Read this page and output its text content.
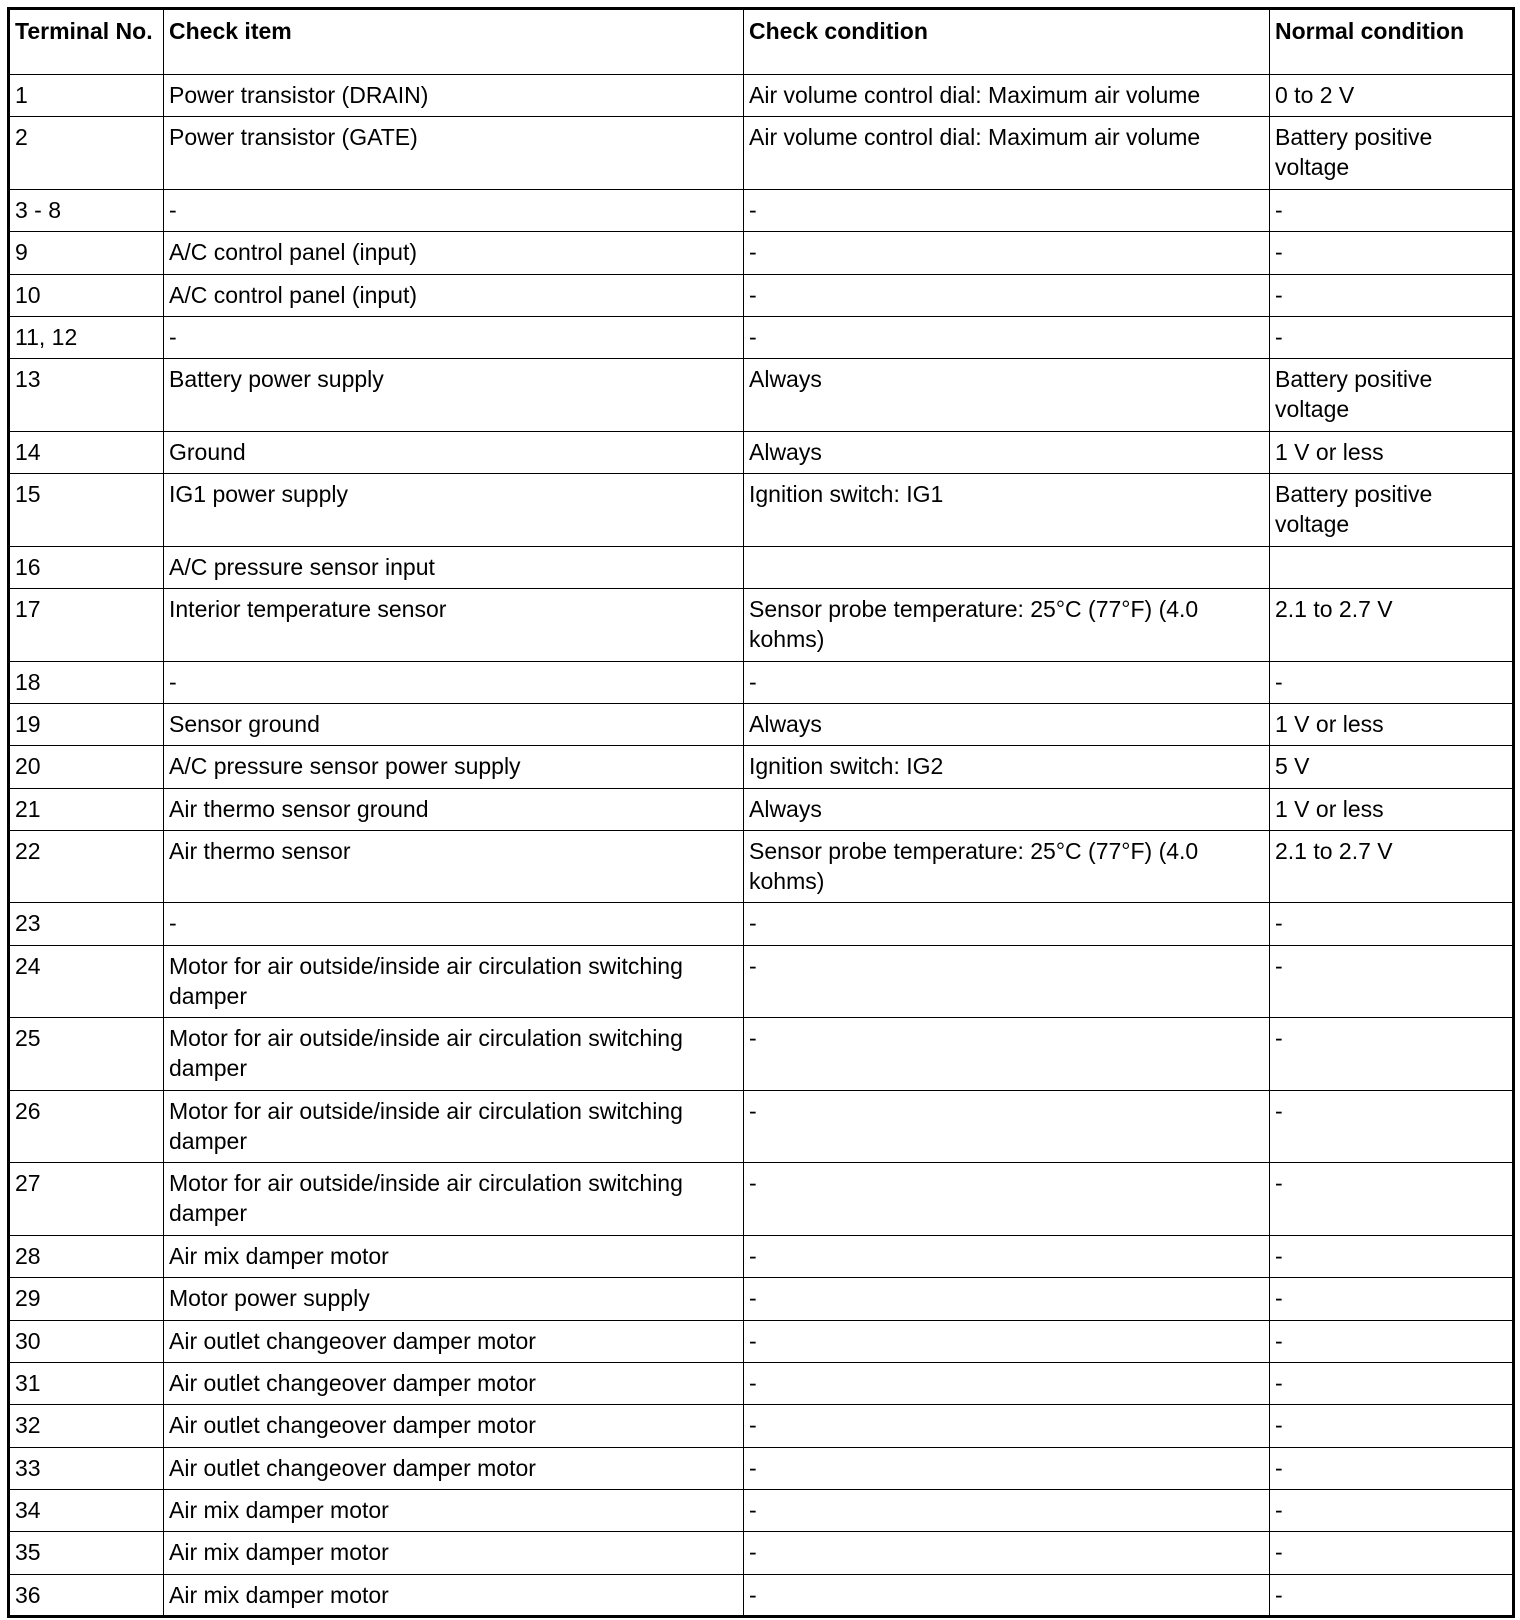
Terminal No.	Check item	Check condition	Normal condition
1	Power transistor (DRAIN)	Air volume control dial: Maximum air volume	0 to 2 V
2	Power transistor (GATE)	Air volume control dial: Maximum air volume	Battery positive voltage
3 - 8	-	-	-
9	A/C control panel (input)	-	-
10	A/C control panel (input)	-	-
11, 12	-	-	-
13	Battery power supply	Always	Battery positive voltage
14	Ground	Always	1 V or less
15	IG1 power supply	Ignition switch: IG1	Battery positive voltage
16	A/C pressure sensor input		
17	Interior temperature sensor	Sensor probe temperature: 25°C (77°F) (4.0 kohms)	2.1 to 2.7 V
18	-	-	-
19	Sensor ground	Always	1 V or less
20	A/C pressure sensor power supply	Ignition switch: IG2	5 V
21	Air thermo sensor ground	Always	1 V or less
22	Air thermo sensor	Sensor probe temperature: 25°C (77°F) (4.0 kohms)	2.1 to 2.7 V
23	-	-	-
24	Motor for air outside/inside air circulation switching damper	-	-
25	Motor for air outside/inside air circulation switching damper	-	-
26	Motor for air outside/inside air circulation switching damper	-	-
27	Motor for air outside/inside air circulation switching damper	-	-
28	Air mix damper motor	-	-
29	Motor power supply	-	-
30	Air outlet changeover damper motor	-	-
31	Air outlet changeover damper motor	-	-
32	Air outlet changeover damper motor	-	-
33	Air outlet changeover damper motor	-	-
34	Air mix damper motor	-	-
35	Air mix damper motor	-	-
36	Air mix damper motor	-	-
